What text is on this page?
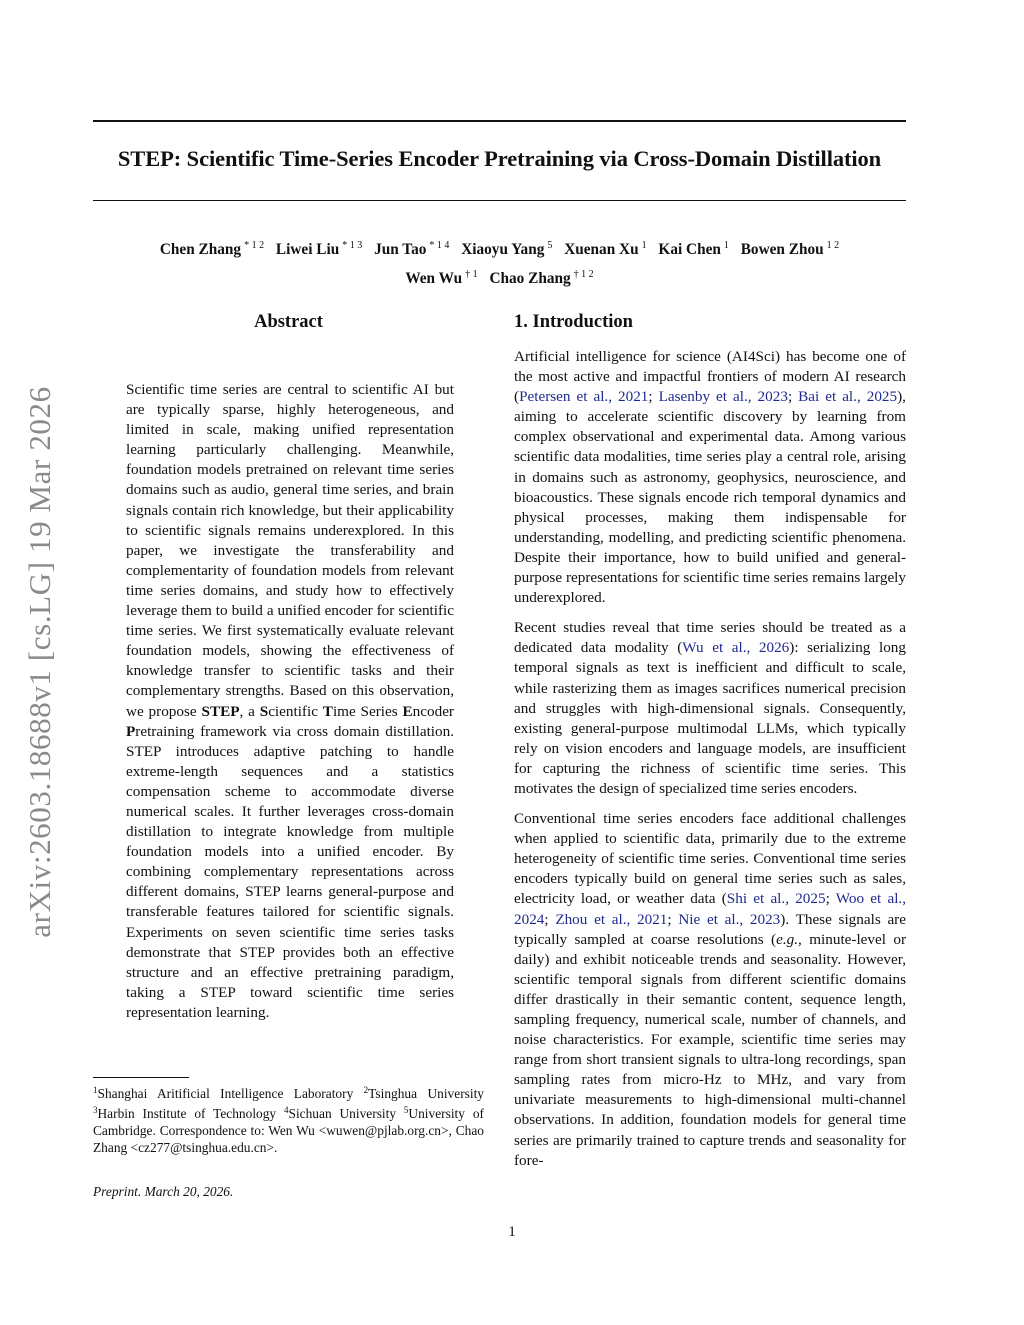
arXiv:2603.18688v1 [cs.LG] 19 Mar 2026
STEP: Scientific Time-Series Encoder Pretraining via Cross-Domain Distillation
Chen Zhang $^{* 1 2}$ Liwei Liu $^{* 1 3}$ Jun Tao $^{* 1 4}$ Xiaoyu Yang $^5$ Xuenan Xu $^1$ Kai Chen $^1$ Bowen Zhou $^{1 2}$
Wen Wu $^{\dagger 1}$ Chao Zhang $^{\dagger 1 2}$
Abstract

Scientific time series are central to scientific AI but are typically sparse, highly heterogeneous, and limited in scale, making unified representation learning particularly challenging. Meanwhile, foundation models pretrained on relevant time series domains such as audio, general time series, and brain signals contain rich knowledge, but their applicability to scientific signals remains underexplored. In this paper, we investigate the transferability and complementarity of foundation models from relevant time series domains, and study how to effectively leverage them to build a unified encoder for scientific time series. We first systematically evaluate relevant foundation models, showing the effectiveness of knowledge transfer to scientific tasks and their complementary strengths. Based on this observation, we propose STEP, a Scientific Time Series Encoder Pretraining framework via cross domain distillation. STEP introduces adaptive patching to handle extreme-length sequences and a statistics compensation scheme to accommodate diverse numerical scales. It further leverages cross-domain distillation to integrate knowledge from multiple foundation models into a unified encoder. By combining complementary representations across different domains, STEP learns general-purpose and transferable features tailored for scientific signals. Experiments on seven scientific time series tasks demonstrate that STEP provides both an effective structure and an effective pretraining paradigm, taking a STEP toward scientific time series representation learning.

1. Introduction

Artificial intelligence for science (AI4Sci) has become one of the most active and impactful frontiers of modern AI research (Petersen et al., 2021; Lasenby et al., 2023; Bai et al., 2025), aiming to accelerate scientific discovery by learning from complex observational and experimental data. Among various scientific data modalities, time series play a central role, arising in domains such as astronomy, geophysics, neuroscience, and bioacoustics. These signals encode rich temporal dynamics and physical processes, making them indispensable for understanding, modelling, and predicting scientific phenomena. Despite their importance, how to build unified and general-purpose representations for scientific time series remains largely underexplored.

Recent studies reveal that time series should be treated as a dedicated data modality (Wu et al., 2026): serializing long temporal signals as text is inefficient and difficult to scale, while rasterizing them as images sacrifices numerical precision and struggles with high-dimensional signals. Consequently, existing general-purpose multimodal LLMs, which typically rely on vision encoders and language models, are insufficient for capturing the richness of scientific time series. This motivates the design of specialized time series encoders.

Conventional time series encoders face additional challenges when applied to scientific data, primarily due to the extreme heterogeneity of scientific time series. Conventional time series encoders typically build on general time series such as sales, electricity load, or weather data (Shi et al., 2025; Woo et al., 2024; Zhou et al., 2021; Nie et al., 2023). These signals are typically sampled at coarse resolutions (e.g., minute-level or daily) and exhibit noticeable trends and seasonality. However, scientific temporal signals from different scientific domains differ drastically in their semantic content, sequence length, sampling frequency, numerical scale, number of channels, and noise characteristics. For example, scientific time series may range from short transient signals to ultra-long recordings, span sampling rates from micro-Hz to MHz, and vary from univariate measurements to high-dimensional multi-channel observations. In addition, foundation models for general time series are primarily trained to capture trends and seasonality for fore-

$^1$Shanghai Aritificial Intelligence Laboratory $^2$Tsinghua University $^3$Harbin Institute of Technology $^4$Sichuan University $^5$University of Cambridge. Correspondence to: Wen Wu <wuwen@pjlab.org.cn>, Chao Zhang <cz277@tsinghua.edu.cn>.
Preprint. March 20, 2026.
1
